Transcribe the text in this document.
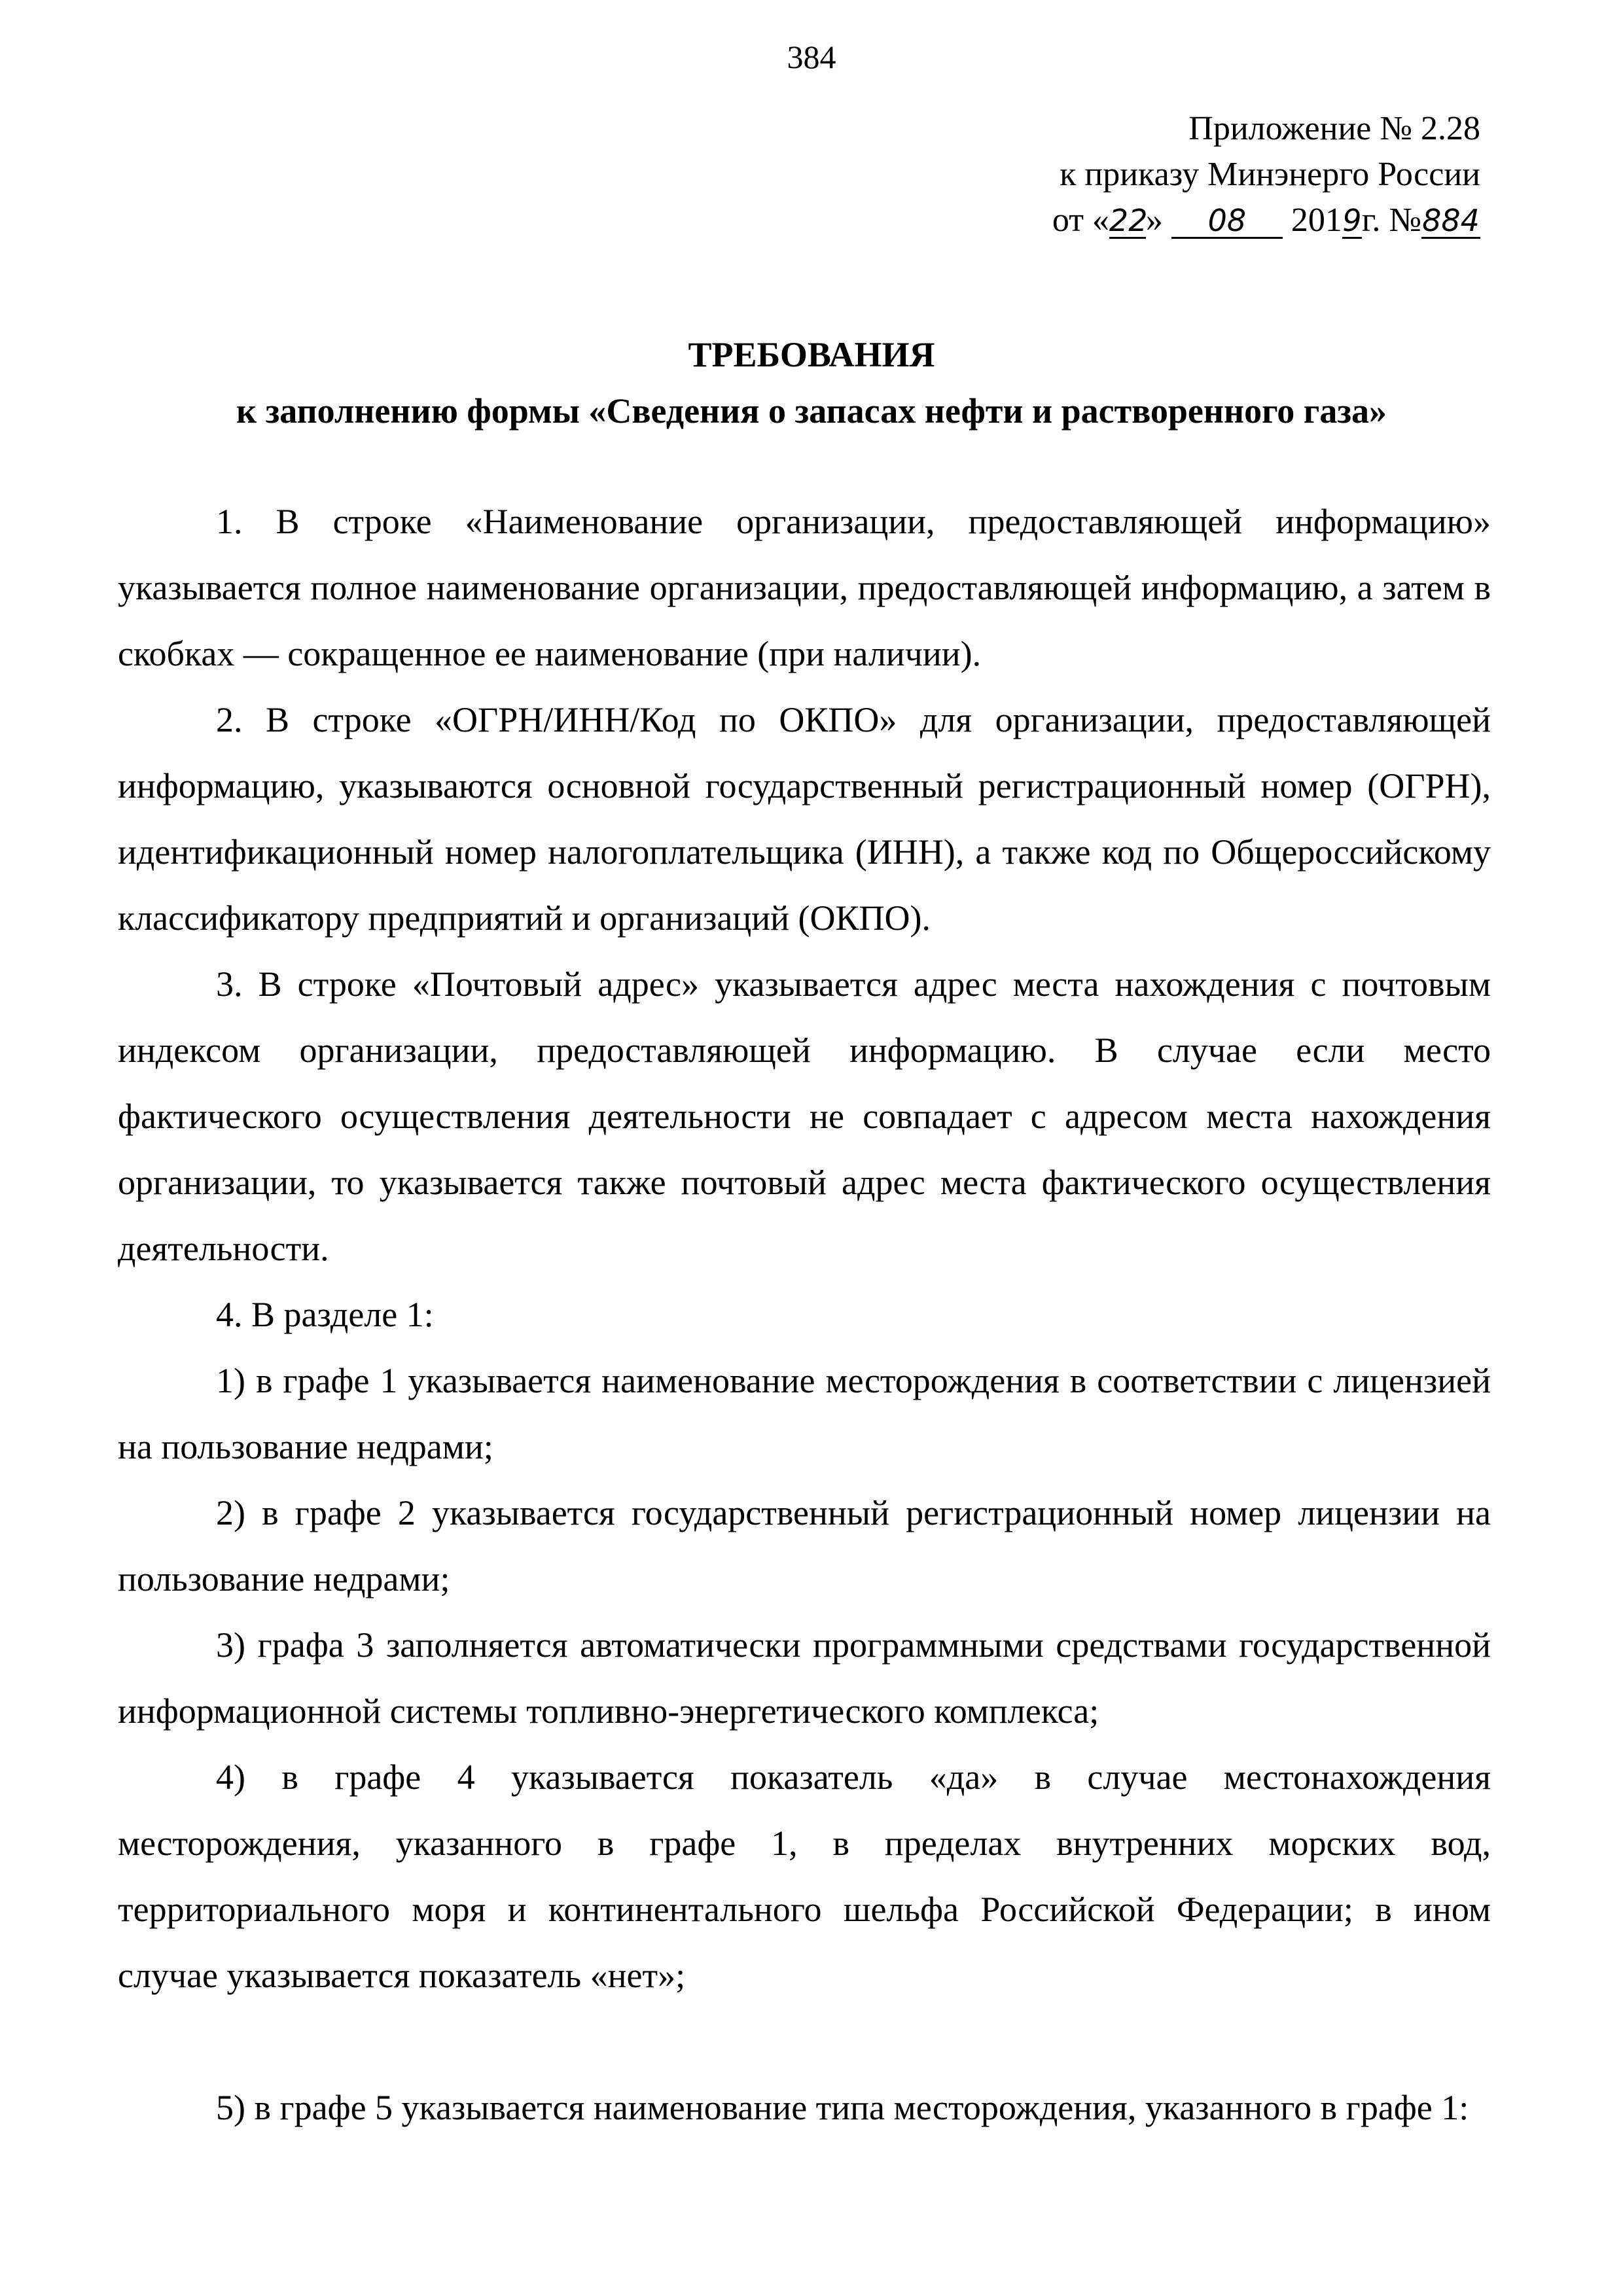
384
Приложение № 2.28
к приказу Минэнерго России
от «22» 08 2019г. №884
ТРЕБОВАНИЯ
к заполнению формы «Сведения о запасах нефти и растворенного газа»

1. В строке «Наименование организации, предоставляющей информацию» указывается полное наименование организации, предоставляющей информацию, а затем в скобках — сокращенное ее наименование (при наличии).

2. В строке «ОГРН/ИНН/Код по ОКПО» для организации, предоставляющей информацию, указываются основной государственный регистрационный номер (ОГРН), идентификационный номер налогоплательщика (ИНН), а также код по Общероссийскому классификатору предприятий и организаций (ОКПО).

3. В строке «Почтовый адрес» указывается адрес места нахождения с почтовым индексом организации, предоставляющей информацию. В случае если место фактического осуществления деятельности не совпадает с адресом места нахождения организации, то указывается также почтовый адрес места фактического осуществления деятельности.

4. В разделе 1:

1) в графе 1 указывается наименование месторождения в соответствии с лицензией на пользование недрами;

2) в графе 2 указывается государственный регистрационный номер лицензии на пользование недрами;

3) графа 3 заполняется автоматически программными средствами государственной информационной системы топливно-энергетического комплекса;

4) в графе 4 указывается показатель «да» в случае местонахождения месторождения, указанного в графе 1, в пределах внутренних морских вод, территориального моря и континентального шельфа Российской Федерации; в ином случае указывается показатель «нет»;

5) в графе 5 указывается наименование типа месторождения, указанного в графе 1:
